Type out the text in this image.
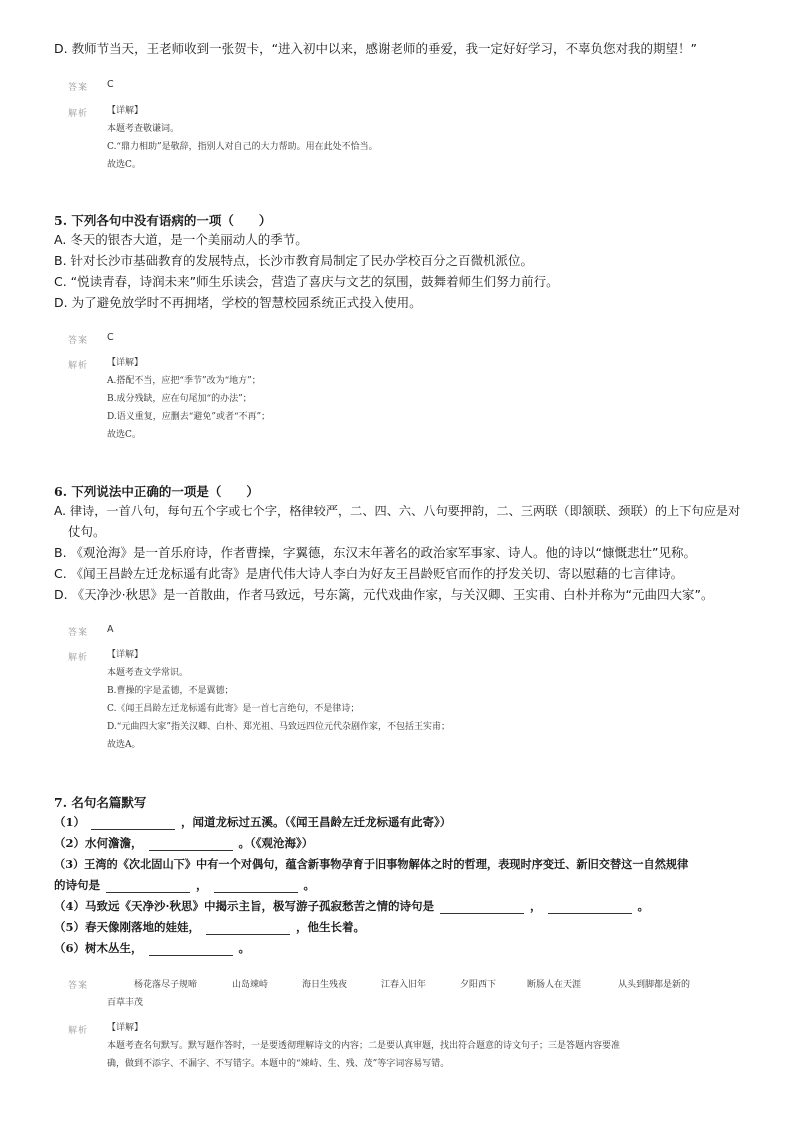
D. 教师节当天，王老师收到一张贺卡，“进入初中以来，感谢老师的垂爱，我一定好好学习，不辜负您对我的期望！”
答案 C
解析 【详解】
本题考查敬谦词。
C.“鼎力相助”是敬辞，指别人对自己的大力帮助。用在此处不恰当。
故选C。
5. 下列各句中没有语病的一项（　　）
A. 冬天的银杏大道，是一个美丽动人的季节。
B. 针对长沙市基础教育的发展特点，长沙市教育局制定了民办学校百分之百微机派位。
C. “悦读青春，诗润未来”师生乐读会，营造了喜庆与文艺的氛围，鼓舞着师生们努力前行。
D. 为了避免放学时不再拥堵，学校的智慧校园系统正式投入使用。
答案 C
解析 【详解】
A.搭配不当，应把“季节”改为“地方”；
B.成分残缺，应在句尾加“的办法”；
D.语义重复，应删去“避免”或者“不再”；
故选C。
6. 下列说法中正确的一项是（　　）
A. 律诗，一首八句，每句五个字或七个字，格律较严，二、四、六、八句要押韵，二、三两联（即颔联、颈联）的上下句应是对
仗句。
B. 《观沧海》是一首乐府诗，作者曹操，字翼德，东汉末年著名的政治家军事家、诗人。他的诗以“慷慨悲壮”见称。
C. 《闻王昌龄左迁龙标遥有此寄》是唐代伟大诗人李白为好友王昌龄贬官而作的抒发关切、寄以慰藉的七言律诗。
D. 《天净沙·秋思》是一首散曲，作者马致远，号东篱，元代戏曲作家，与关汉卿、王实甫、白朴并称为“元曲四大家”。
答案 A
解析 【详解】
本题考查文学常识。
B.曹操的字是孟德，不是翼德；
C.《闻王昌龄左迁龙标遥有此寄》是一首七言绝句，不是律诗；
D.“元曲四大家”指关汉卿、白朴、郑光祖、马致远四位元代杂剧作家，不包括王实甫；
故选A。
7. 名句名篇默写
（1）	，闻道龙标过五溪。（《闻王昌龄左迁龙标遥有此寄》）
（2）水何澹澹，	。（《观沧海》）
（3）王湾的《次北固山下》中有一个对偶句，蕴含新事物孕育于旧事物解体之时的哲理，表现时序变迁、新旧交替这一自然规律
的诗句是	，	。
（4）马致远《天净沙·秋思》中揭示主旨，极写游子孤寂愁苦之情的诗句是	，	。
（5）春天像刚落地的娃娃，	，他生长着。
（6）树木丛生，	。
答案	杨花落尽子规啼	山岛竦峙	海日生残夜	江春入旧年	夕阳西下	断肠人在天涯	从头到脚都是新的
百草丰茂
解析 【详解】
本题考查名句默写。默写题作答时，一是要透彻理解诗文的内容；二是要认真审题，找出符合题意的诗文句子；三是答题内容要准
确，做到不添字、不漏字、不写错字。本题中的“竦峙、生、残、茂”等字词容易写错。
